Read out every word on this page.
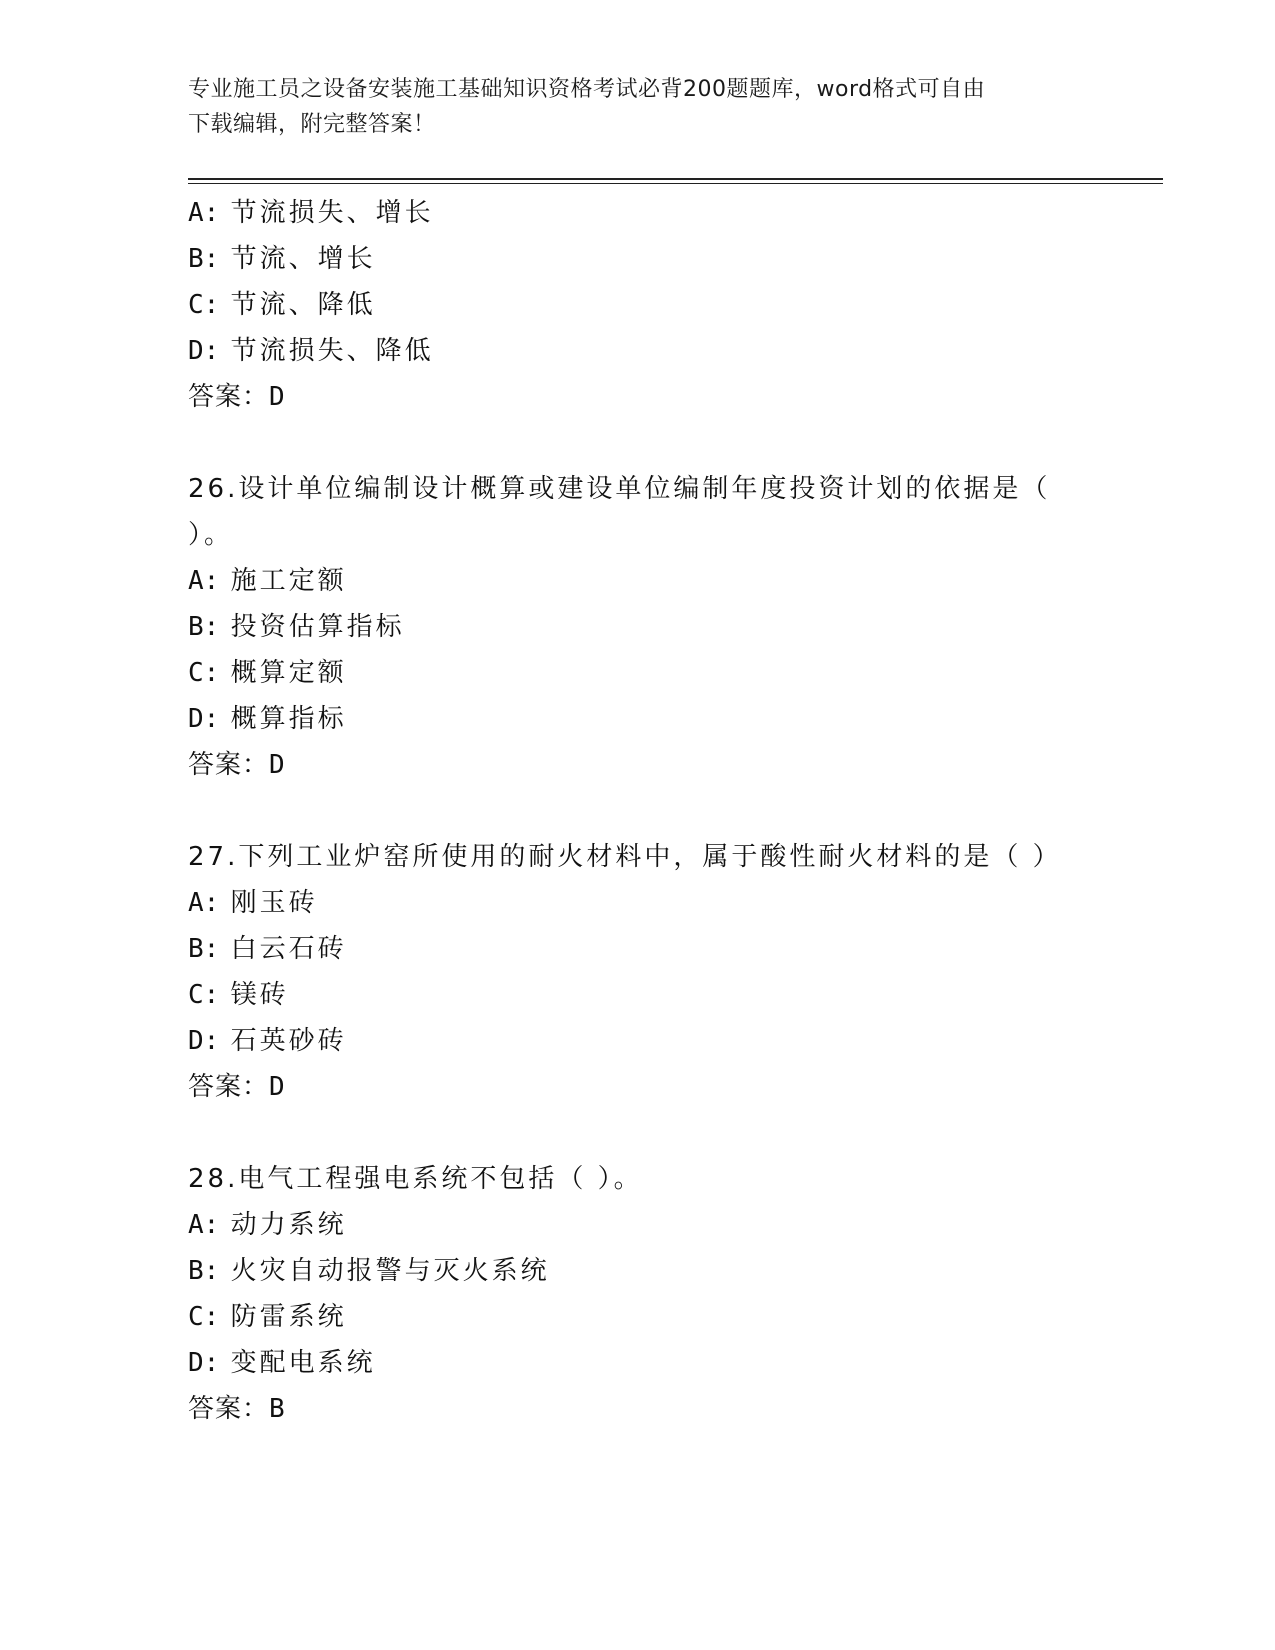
专业施工员之设备安装施工基础知识资格考试必背200题题库，word格式可自由
下载编辑，附完整答案！
A: 节流损失、增长
B: 节流、增长
C: 节流、降低
D: 节流损失、降低
答案：D
26.设计单位编制设计概算或建设单位编制年度投资计划的依据是（
）。
A: 施工定额
B: 投资估算指标
C: 概算定额
D: 概算指标
答案：D
27.下列工业炉窑所使用的耐火材料中，属于酸性耐火材料的是（ ）
A: 刚玉砖
B: 白云石砖
C: 镁砖
D: 石英砂砖
答案：D
28.电气工程强电系统不包括（ ）。
A: 动力系统
B: 火灾自动报警与灭火系统
C: 防雷系统
D: 变配电系统
答案：B
